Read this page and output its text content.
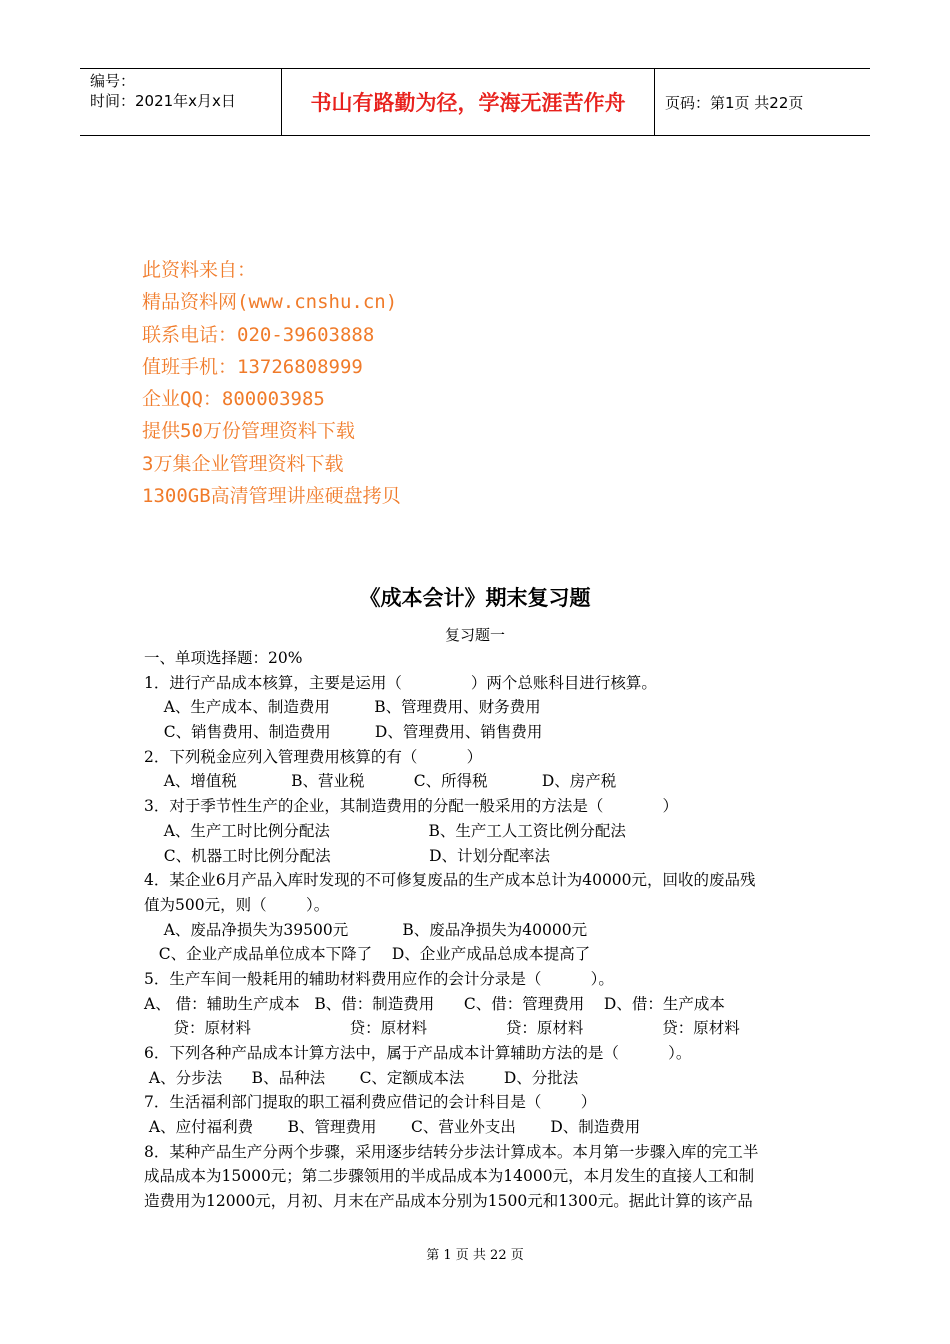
编号：
时间：2021年x月x日	书山有路勤为径，学海无涯苦作舟	页码：第1页 共22页
此资料来自：
精品资料网(www.cnshu.cn)
联系电话：020-39603888
值班手机：13726808999
企业QQ：800003985
提供50万份管理资料下载
3万集企业管理资料下载
1300GB高清管理讲座硬盘拷贝
《成本会计》期末复习题
复习题一
一、单项选择题：20%
1．进行产品成本核算，主要是运用（              ）两个总账科目进行核算。
A、生产成本、制造费用         B、管理费用、财务费用
C、销售费用、制造费用         D、管理费用、销售费用
2．下列税金应列入管理费用核算的有（          ）
A、增值税           B、营业税          C、所得税           D、房产税
3．对于季节性生产的企业，其制造费用的分配一般采用的方法是（            ）
A、生产工时比例分配法                    B、生产工人工资比例分配法
C、机器工时比例分配法                    D、计划分配率法
4．某企业6月产品入库时发现的不可修复废品的生产成本总计为40000元，回收的废品残
值为500元，则（        ）。
A、废品净损失为39500元           B、废品净损失为40000元
C、企业产成品单位成本下降了    D、企业产成品总成本提高了
5．生产车间一般耗用的辅助材料费用应作的会计分录是（          ）。
A、 借：辅助生产成本   B、借：制造费用      C、借：管理费用    D、借：生产成本
贷：原材料                    贷：原材料                贷：原材料                贷：原材料
6．下列各种产品成本计算方法中，属于产品成本计算辅助方法的是（          ）。
A、分步法      B、品种法       C、定额成本法        D、分批法
7．生活福利部门提取的职工福利费应借记的会计科目是（        ）
A、应付福利费       B、管理费用       C、营业外支出       D、制造费用
8．某种产品生产分两个步骤，采用逐步结转分步法计算成本。本月第一步骤入库的完工半
成品成本为15000元；第二步骤领用的半成品成本为14000元，本月发生的直接人工和制
造费用为12000元，月初、月末在产品成本分别为1500元和1300元。据此计算的该产品
第 1 页 共 22 页
